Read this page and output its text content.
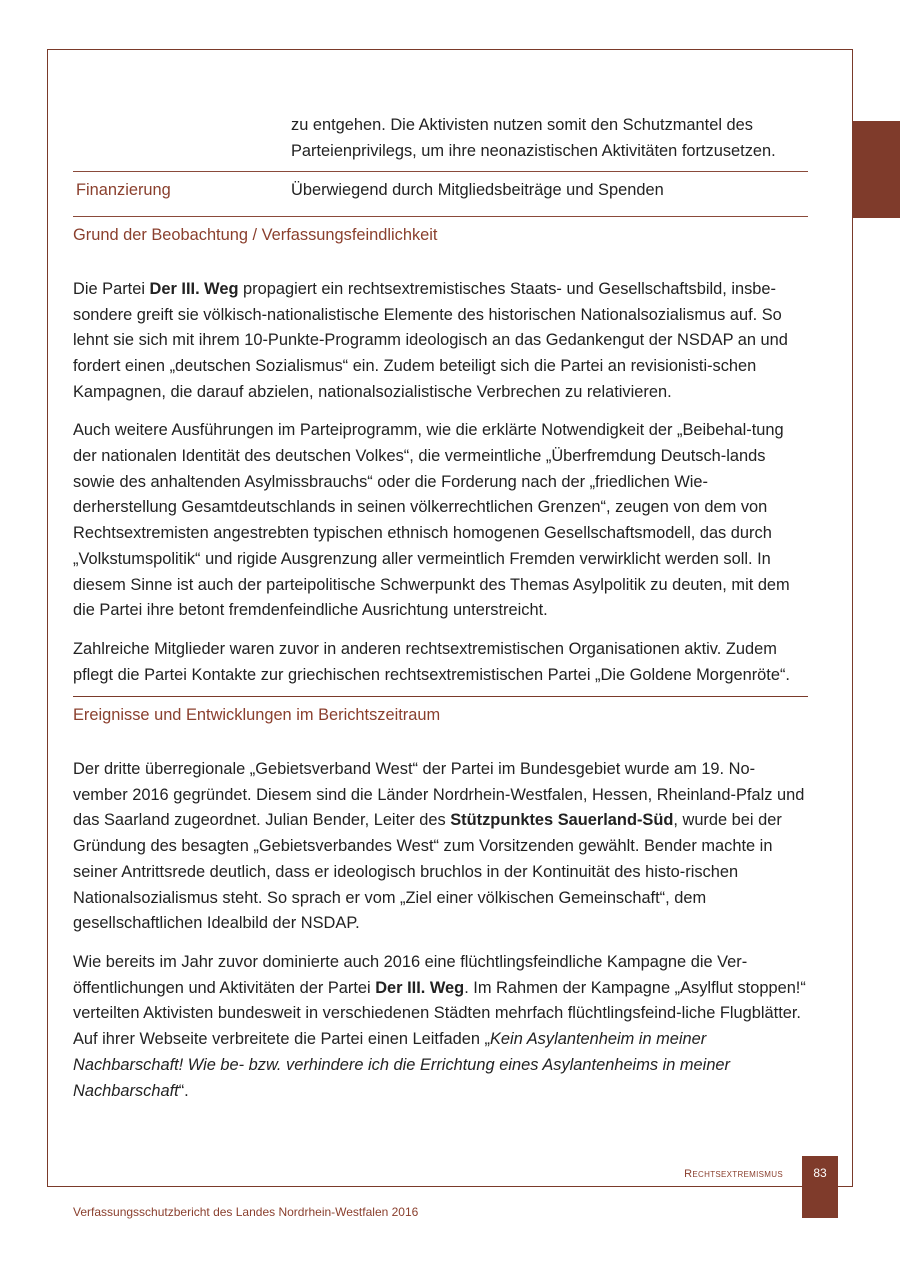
zu entgehen. Die Aktivisten nutzen somit den Schutzmantel des
Parteienprivilegs, um ihre neonazistischen Aktivitäten fortzusetzen.
Finanzierung	Überwiegend durch Mitgliedsbeiträge und Spenden
Grund der Beobachtung / Verfassungsfeindlichkeit

Die Partei Der III. Weg propagiert ein rechtsextremistisches Staats- und Gesellschaftsbild, insbe-sondere greift sie völkisch-nationalistische Elemente des historischen Nationalsozialismus auf. So lehnt sie sich mit ihrem 10-Punkte-Programm ideologisch an das Gedankengut der NSDAP an und fordert einen „deutschen Sozialismus“ ein. Zudem beteiligt sich die Partei an revisionisti-schen Kampagnen, die darauf abzielen, nationalsozialistische Verbrechen zu relativieren.

Auch weitere Ausführungen im Parteiprogramm, wie die erklärte Notwendigkeit der „Beibehal-tung der nationalen Identität des deutschen Volkes“, die vermeintliche „Überfremdung Deutsch-lands sowie des anhaltenden Asylmissbrauchs“ oder die Forderung nach der „friedlichen Wie-derherstellung Gesamtdeutschlands in seinen völkerrechtlichen Grenzen“, zeugen von dem von Rechtsextremisten angestrebten typischen ethnisch homogenen Gesellschaftsmodell, das durch „Volkstumspolitik“ und rigide Ausgrenzung aller vermeintlich Fremden verwirklicht werden soll. In diesem Sinne ist auch der parteipolitische Schwerpunkt des Themas Asylpolitik zu deuten, mit dem die Partei ihre betont fremdenfeindliche Ausrichtung unterstreicht.

Zahlreiche Mitglieder waren zuvor in anderen rechtsextremistischen Organisationen aktiv. Zudem pflegt die Partei Kontakte zur griechischen rechtsextremistischen Partei „Die Goldene Morgenröte“.

Ereignisse und Entwicklungen im Berichtszeitraum

Der dritte überregionale „Gebietsverband West“ der Partei im Bundesgebiet wurde am 19. No-vember 2016 gegründet. Diesem sind die Länder Nordrhein-Westfalen, Hessen, Rheinland-Pfalz und das Saarland zugeordnet. Julian Bender, Leiter des Stützpunktes Sauerland-Süd, wurde bei der Gründung des besagten „Gebietsverbandes West“ zum Vorsitzenden gewählt. Bender machte in seiner Antrittsrede deutlich, dass er ideologisch bruchlos in der Kontinuität des histo-rischen Nationalsozialismus steht. So sprach er vom „Ziel einer völkischen Gemeinschaft“, dem gesellschaftlichen Idealbild der NSDAP.

Wie bereits im Jahr zuvor dominierte auch 2016 eine flüchtlingsfeindliche Kampagne die Ver-öffentlichungen und Aktivitäten der Partei Der III. Weg. Im Rahmen der Kampagne „Asylflut stoppen!“ verteilten Aktivisten bundesweit in verschiedenen Städten mehrfach flüchtlingsfeind-liche Flugblätter. Auf ihrer Webseite verbreitete die Partei einen Leitfaden „Kein Asylantenheim in meiner Nachbarschaft! Wie be- bzw. verhindere ich die Errichtung eines Asylantenheims in meiner Nachbarschaft“.

Rechtsextremismus	83
Verfassungsschutzbericht des Landes Nordrhein-Westfalen 2016
